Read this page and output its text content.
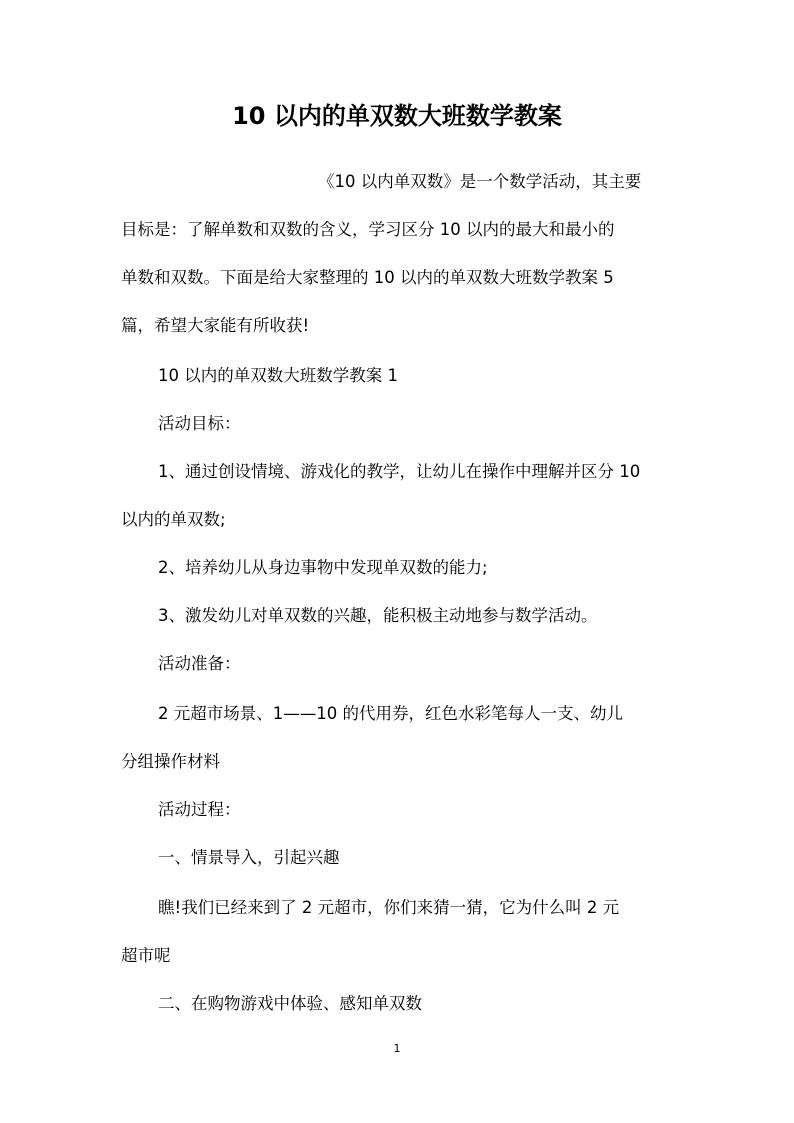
10 以内的单双数大班数学教案
《10 以内单双数》是一个数学活动，其主要
目标是：了解单数和双数的含义，学习区分 10 以内的最大和最小的
单数和双数。下面是给大家整理的 10 以内的单双数大班数学教案 5
篇，希望大家能有所收获!
10 以内的单双数大班数学教案 1
活动目标：
1、通过创设情境、游戏化的教学，让幼儿在操作中理解并区分 10
以内的单双数;
2、培养幼儿从身边事物中发现单双数的能力;
3、激发幼儿对单双数的兴趣，能积极主动地参与数学活动。
活动准备：
2 元超市场景、1——10 的代用券，红色水彩笔每人一支、幼儿
分组操作材料
活动过程：
一、情景导入，引起兴趣
瞧!我们已经来到了 2 元超市，你们来猜一猜，它为什么叫 2 元
超市呢
二、在购物游戏中体验、感知单双数
1
